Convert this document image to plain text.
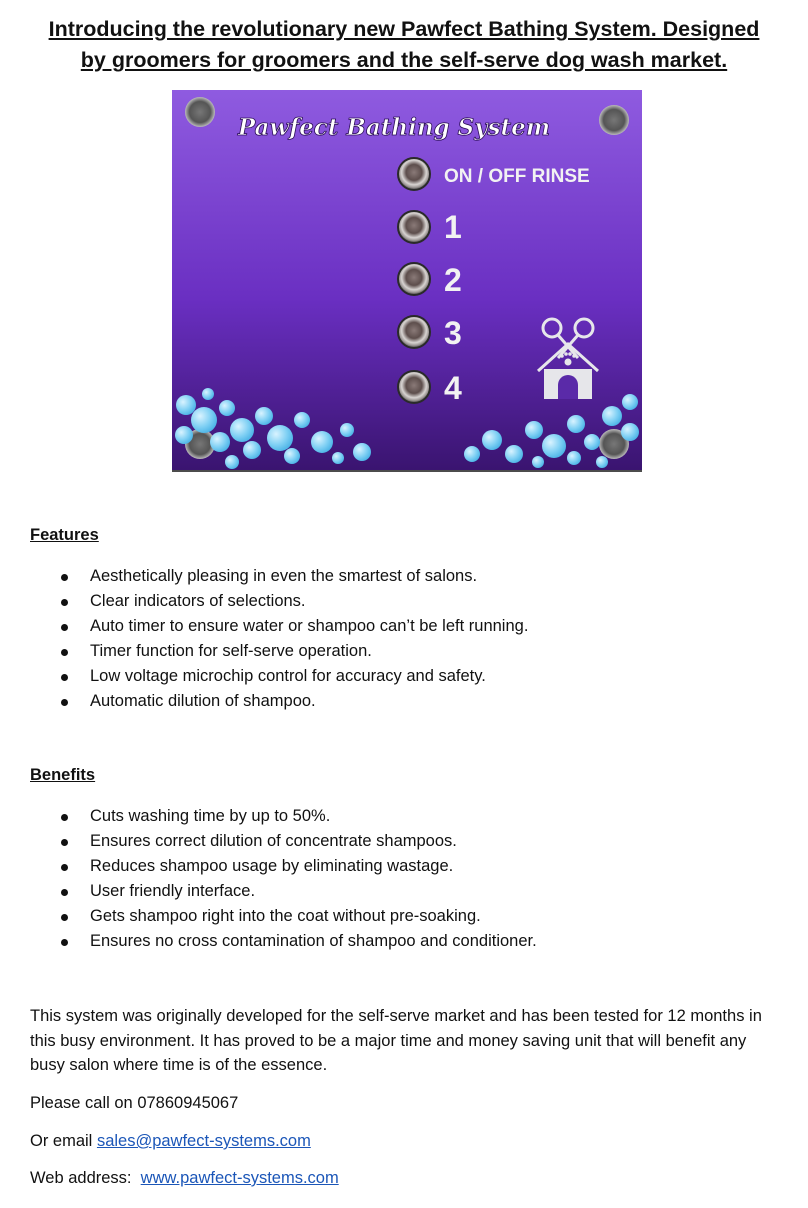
Introducing the revolutionary new Pawfect Bathing System. Designed by groomers for groomers and the self-serve dog wash market.
Pawfect Bathing System
ON / OFF RINSE
1
2
3
4
Features
Aesthetically pleasing in even the smartest of salons.
Clear indicators of selections.
Auto timer to ensure water or shampoo can’t be left running.
Timer function for self-serve operation.
Low voltage microchip control for accuracy and safety.
Automatic dilution of shampoo.
Benefits
Cuts washing time by up to 50%.
Ensures correct dilution of concentrate shampoos.
Reduces shampoo usage by eliminating wastage.
User friendly interface.
Gets shampoo right into the coat without pre-soaking.
Ensures no cross contamination of shampoo and conditioner.

This system was originally developed for the self-serve market and has been tested for 12 months in this busy environment. It has proved to be a major time and money saving unit that will benefit any busy salon where time is of the essence.

Please call on 07860945067

Or email sales@pawfect-systems.com

Web address: www.pawfect-systems.com
